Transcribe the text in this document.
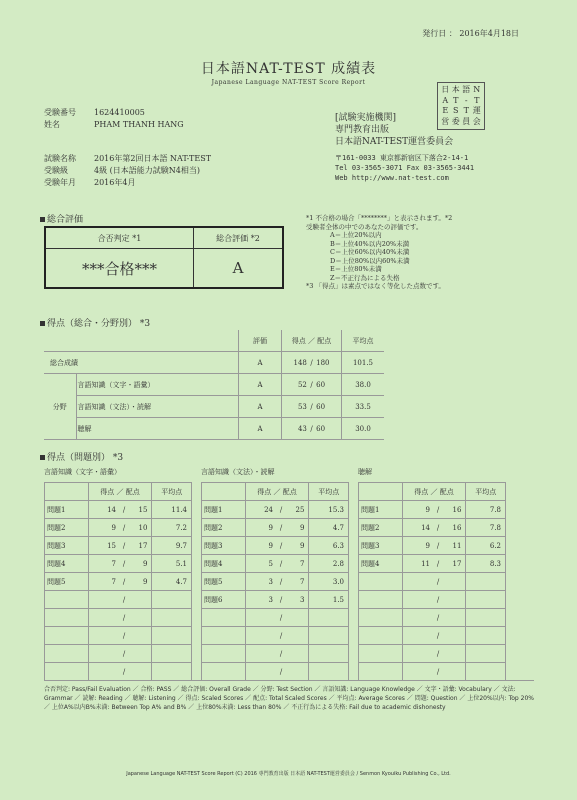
発行日 ： 2016年4月18日
日本語NAT-TEST 成績表
Japanese Language NAT-TEST Score Report
受験番号	1624410005
姓名	PHAM THANH HANG
試験名称	2016年第2回日本語 NAT-TEST
受験級	4級 (日本語能力試験N4相当)
受験年月	2016年4月
日 本 語 N
A T - T
E S T 運
営 委 員 会
[試験実施機関]
専門教育出版
日本語NAT-TEST運営委員会
〒161-0033 東京都新宿区下落合2-14-1
Tel 03-3565-3071 Fax 03-3565-3441
Web http://www.nat-test.com
総合評価
合否判定 *1	総合評価 *2
***合格***	A
*1 不合格の場合「********」と表示されます。*2
受験者全体の中でのあなたの評価です。
A＝上位20%以内
B＝上位40%以内20%未満
C＝上位60%以内40%未満
D＝上位80%以内60%未満
E＝上位80%未満
Z＝不正行為による失格
*3 「得点」は素点ではなく等化した点数です。
得点（総合・分野別） *3
		評価	得点 ／ 配点			平均点
総合成績		A	148	/	180	101.5
分野	言語知識（文字・語彙）	A	52	/	60	38.0
	言語知識（文法）・読解	A	53	/	60	33.5
	聴解	A	43	/	60	30.0
得点（問題別） *3
言語知識（文字・語彙）	言語知識（文法）・読解	聴解
	得点 ／ 配点			平均点
問題1	14	/	15	11.4
問題2	9	/	10	7.2
問題3	15	/	17	9.7
問題4	7	/	9	5.1
問題5	7	/	9	4.7
		/		
		/		
		/		
		/		
		/		
	得点 ／ 配点			平均点
問題1	24	/	25	15.3
問題2	9	/	9	4.7
問題3	9	/	9	6.3
問題4	5	/	7	2.8
問題5	3	/	7	3.0
問題6	3	/	3	1.5
		/		
		/		
		/		
		/		
	得点 ／ 配点			平均点
問題1	9	/	16	7.8
問題2	14	/	16	7.8
問題3	9	/	11	6.2
問題4	11	/	17	8.3
		/		
		/		
		/		
		/		
		/		
		/		
合否判定: Pass/Fail Evaluation ／ 合格: PASS ／ 総合評価: Overall Grade ／ 分野: Test Section ／ 言語知識: Language Knowledge ／ 文字・語彙: Vocabulary ／ 文法: Grammar ／ 読解: Reading ／ 聴解: Listening ／ 得点: Scaled Scores ／ 配点: Total Scaled Scores ／ 平均点: Average Scores ／ 問題: Question ／ 上位20%以内: Top 20% ／ 上位A%以内B%未満: Between Top A% and B% ／ 上位80%未満: Less than 80% ／ 不正行為による失格: Fail due to academic dishonesty
Japanese Language NAT-TEST Score Report (C) 2016 専門教育出版 日本語 NAT-TEST運営委員会 / Senmon Kyouiku Publishing Co., Ltd.
